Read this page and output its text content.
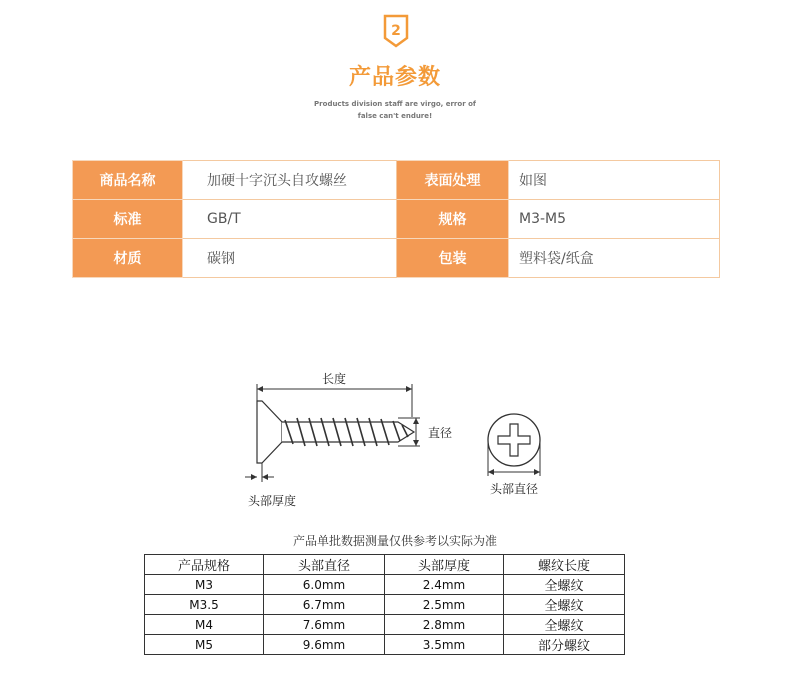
2
产品参数
Products division staff are virgo, error of
false can't endure!
商品名称	加硬十字沉头自攻螺丝	表面处理	如图
标准	GB/T	规格	M3-M5
材质	碳钢	包装	塑料袋/纸盒
长度
直径
头部厚度
头部直径
产品单批数据测量仅供参考以实际为准
产品规格	头部直径	头部厚度	螺纹长度
M3	6.0mm	2.4mm	全螺纹
M3.5	6.7mm	2.5mm	全螺纹
M4	7.6mm	2.8mm	全螺纹
M5	9.6mm	3.5mm	部分螺纹
